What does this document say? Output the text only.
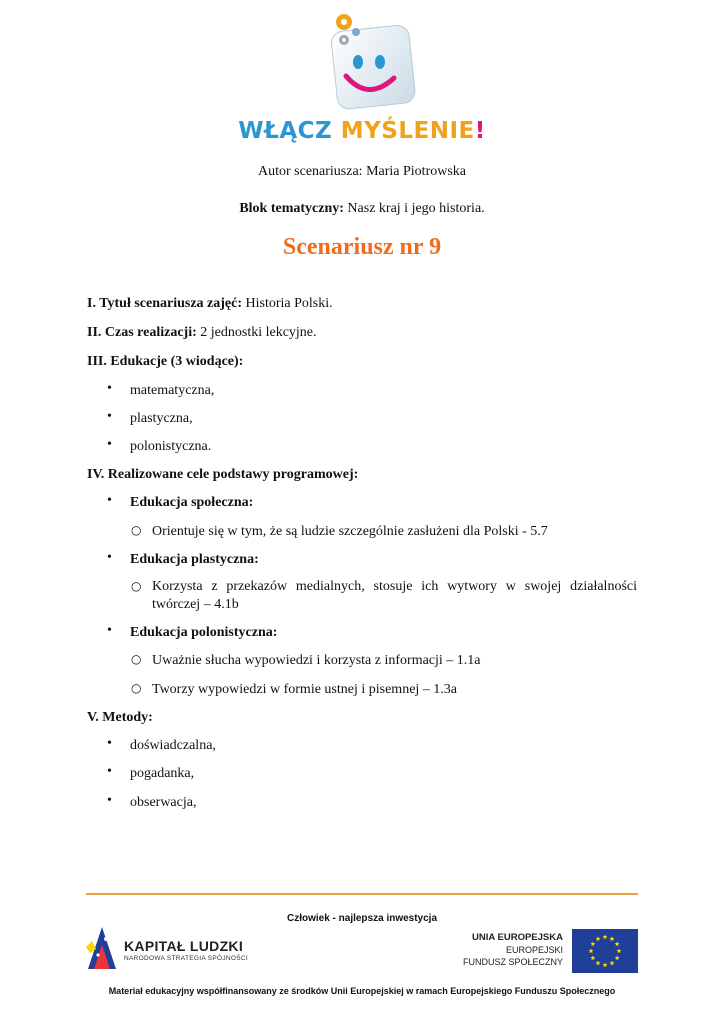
WŁĄCZ MYŚLENIE!
Autor scenariusza: Maria Piotrowska
Blok tematyczny: Nasz kraj i jego historia.
Scenariusz nr 9
I. Tytuł scenariusza zajęć: Historia Polski.
II. Czas realizacji: 2 jednostki lekcyjne.
III. Edukacje (3 wiodące):
• matematyczna,
• plastyczna,
• polonistyczna.
IV. Realizowane cele podstawy programowej:
• Edukacja społeczna:
○ Orientuje się w tym, że są ludzie szczególnie zasłużeni dla Polski - 5.7
• Edukacja plastyczna:
○ Korzysta z przekazów medialnych, stosuje ich wytwory w swojej działalności twórczej – 4.1b
• Edukacja polonistyczna:
○ Uważnie słucha wypowiedzi i korzysta z informacji – 1.1a
○ Tworzy wypowiedzi w formie ustnej i pisemnej – 1.3a
V. Metody:
• doświadczalna,
• pogadanka,
• obserwacja,
Człowiek - najlepsza inwestycja
KAPITAŁ LUDZKI
NARODOWA STRATEGIA SPÓJNOŚCI
UNIA EUROPEJSKA
EUROPEJSKI
FUNDUSZ SPOŁECZNY
Materiał edukacyjny współfinansowany ze środków Unii Europejskiej w ramach Europejskiego Funduszu Społecznego
